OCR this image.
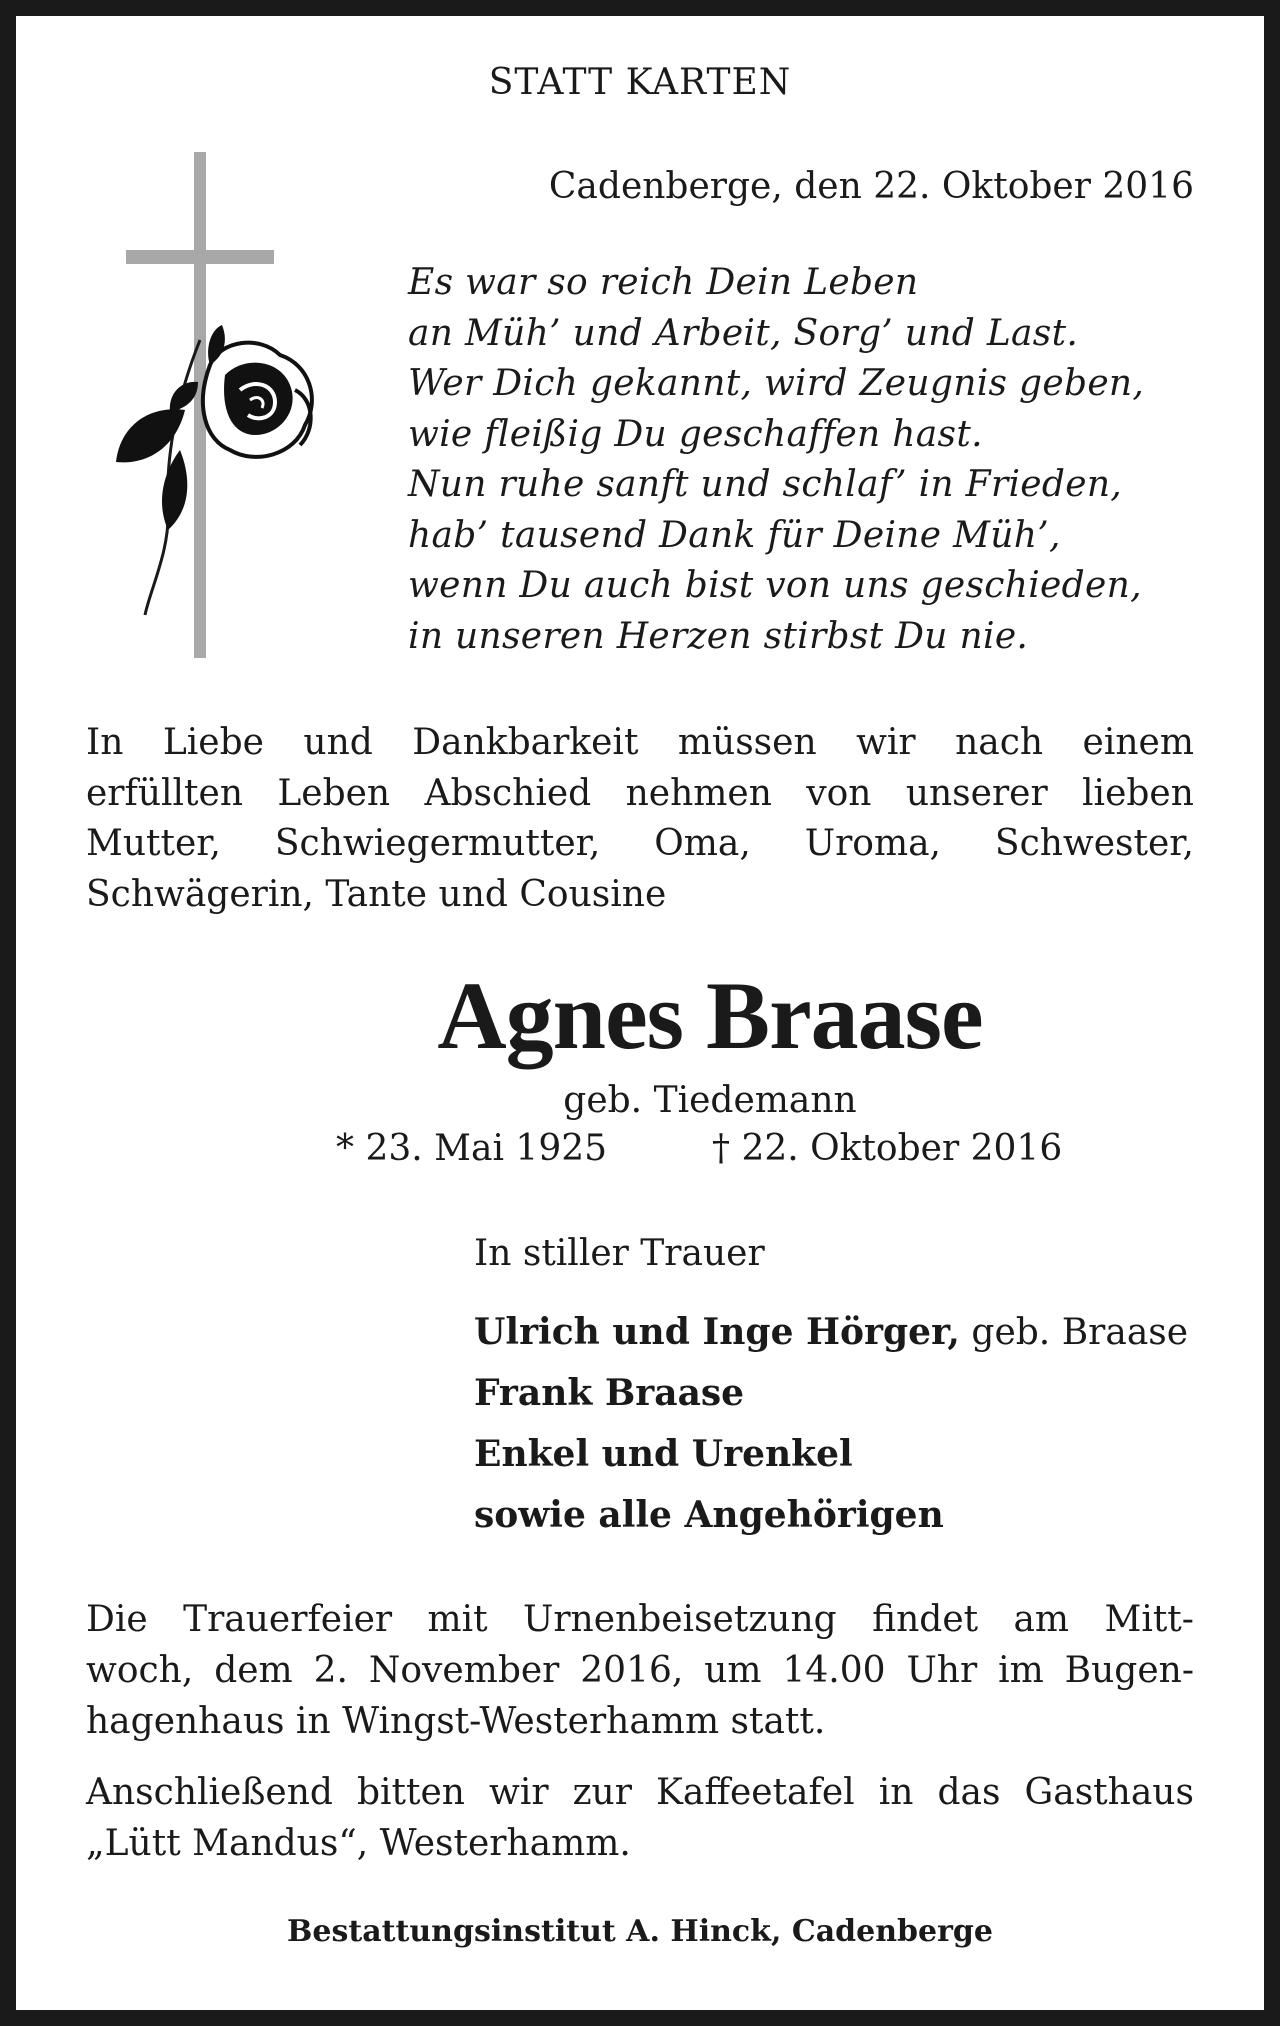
STATT KARTEN

Cadenberge, den 22. Oktober 2016

Es war so reich Dein Leben
an Müh’ und Arbeit, Sorg’ und Last.
Wer Dich gekannt, wird Zeugnis geben,
wie fleißig Du geschaffen hast.
Nun ruhe sanft und schlaf’ in Frieden,
hab’ tausend Dank für Deine Müh’,
wenn Du auch bist von uns geschieden,
in unseren Herzen stirbst Du nie.
In Liebe und Dankbarkeit müssen wir nach einem
erfüllten Leben Abschied nehmen von unserer lieben
Mutter, Schwiegermutter, Oma, Uroma, Schwester,
Schwägerin, Tante und Cousine

Agnes Braase

geb. Tiedemann

* 23. Mai 1925	† 22. Oktober 2016

In stiller Trauer

Ulrich und Inge Hörger, geb. Braase
Frank Braase
Enkel und Urenkel
sowie alle Angehörigen
Die Trauerfeier mit Urnenbeisetzung findet am Mitt-
woch, dem 2. November 2016, um 14.00 Uhr im Bugen-
hagenhaus in Wingst-Westerhamm statt.
Anschließend bitten wir zur Kaffeetafel in das Gasthaus
„Lütt Mandus“, Westerhamm.

Bestattungsinstitut A. Hinck, Cadenberge
